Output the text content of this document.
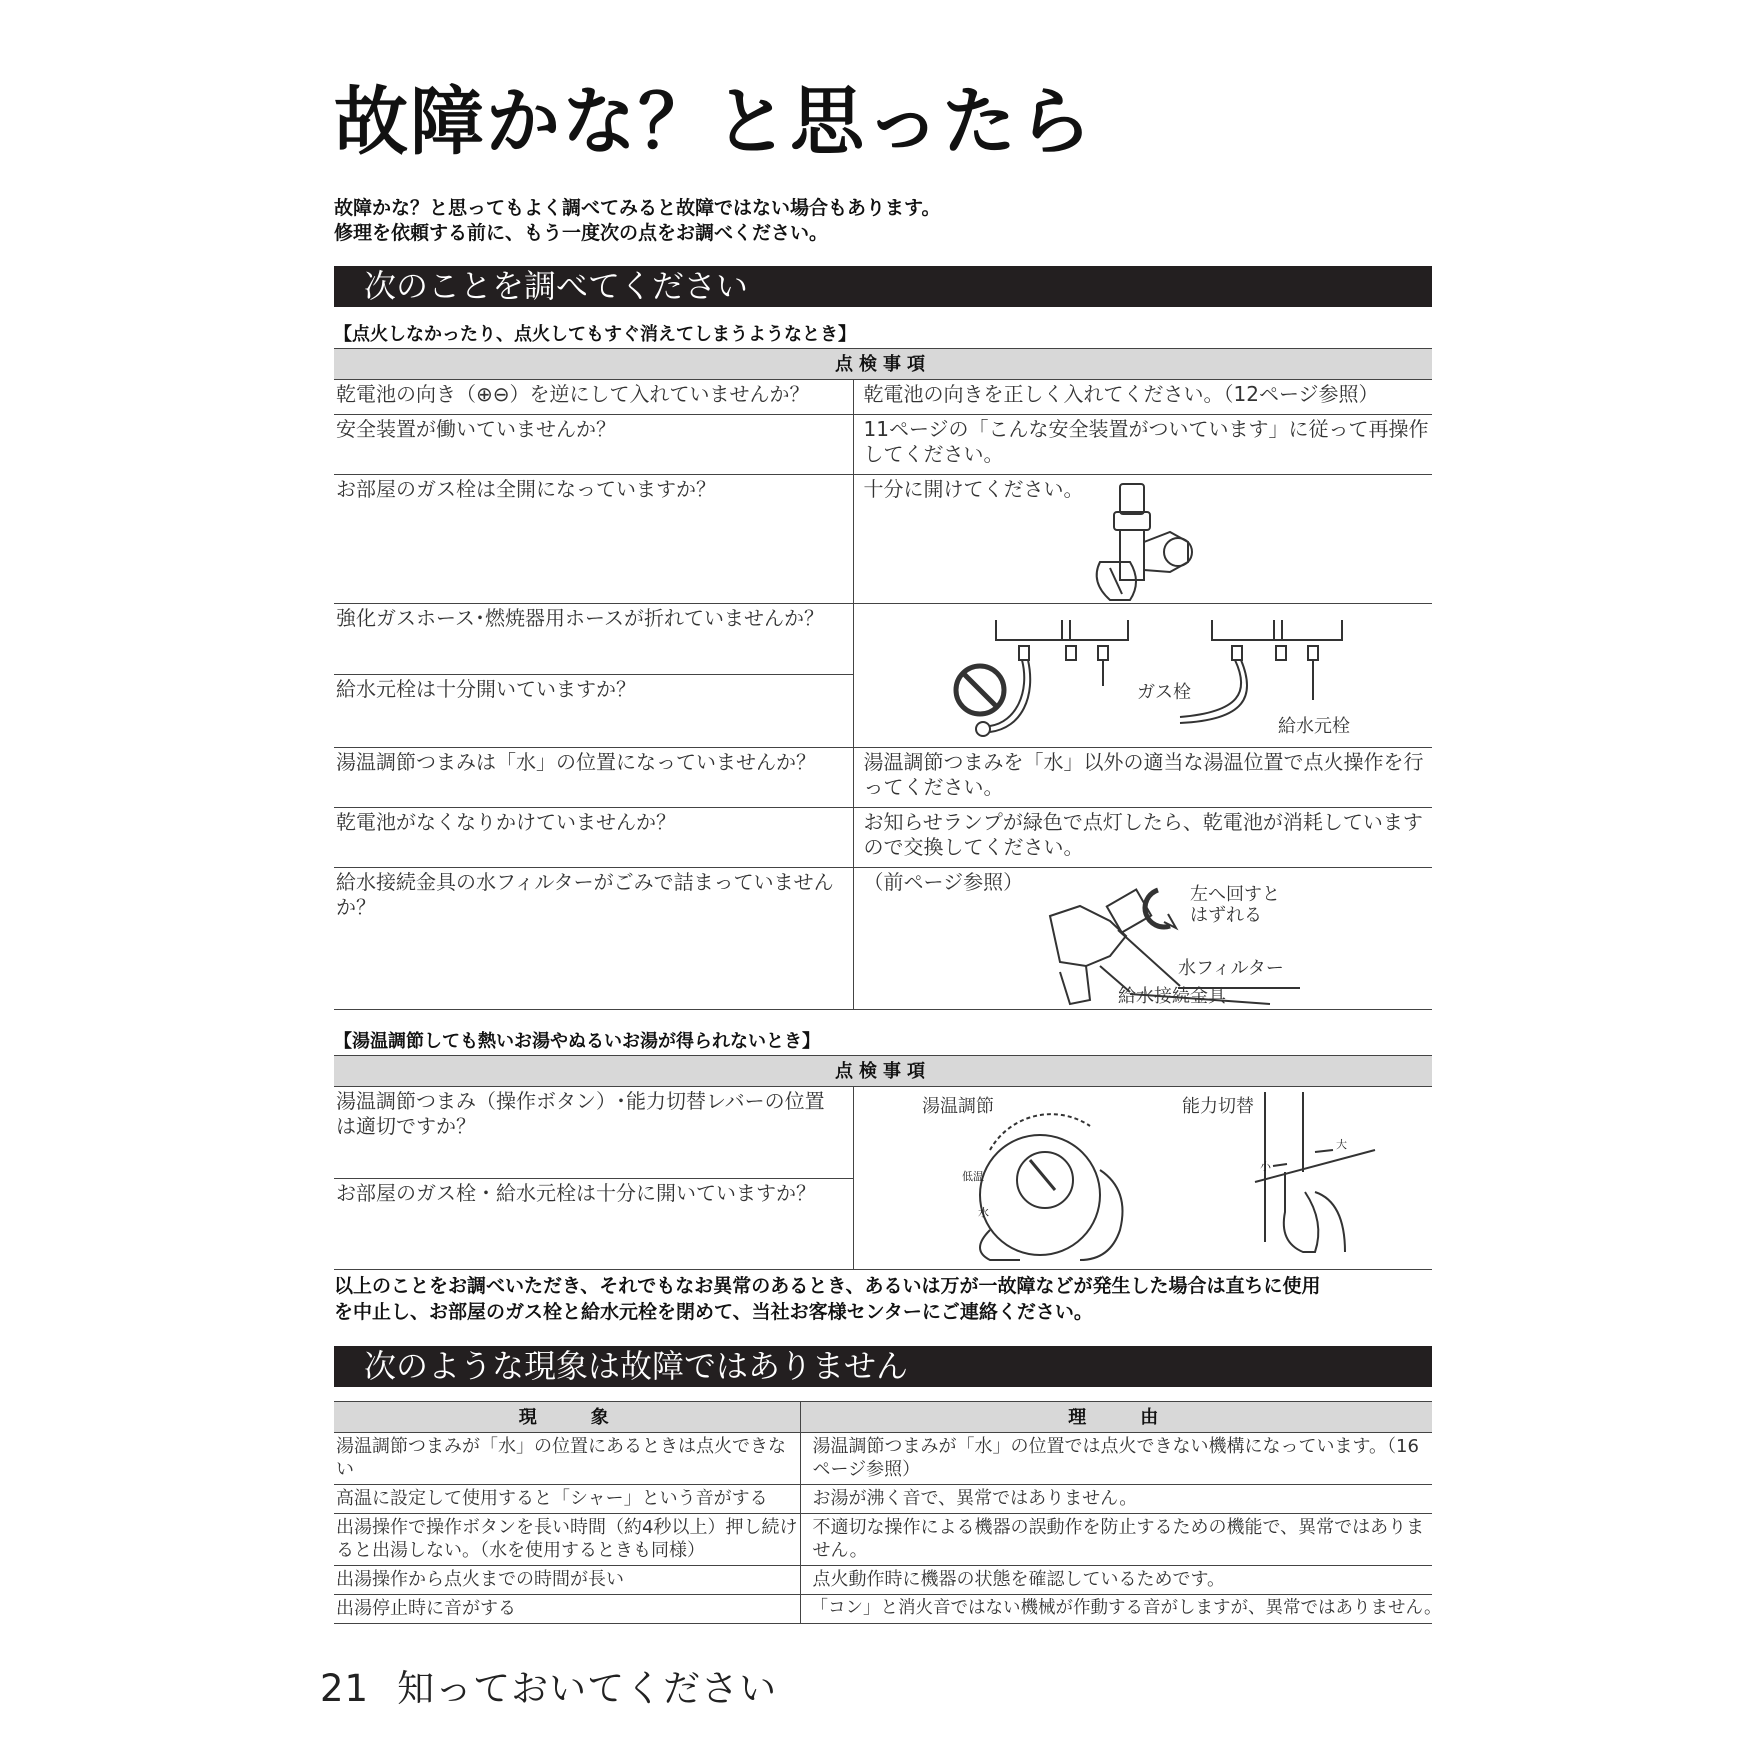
故障かな？と思ったら
故障かな？と思ってもよく調べてみると故障ではない場合もあります。
修理を依頼する前に、もう一度次の点をお調べください。
次のことを調べてください
【点火しなかったり、点火してもすぐ消えてしまうようなとき】
点検事項	
乾電池の向き（⊕⊖）を逆にして入れていませんか？	乾電池の向きを正しく入れてください。（12ページ参照）
安全装置が働いていませんか？	11ページの「こんな安全装置がついています」に従って再操作してください。
お部屋のガス栓は全開になっていますか？	十分に開けてください。
強化ガスホース･燃焼器用ホースが折れていませんか？	
給水元栓は十分開いていますか？	
湯温調節つまみは「水」の位置になっていませんか？	湯温調節つまみを「水」以外の適当な湯温位置で点火操作を行ってください。
乾電池がなくなりかけていませんか？	お知らせランプが緑色で点灯したら、乾電池が消耗していますので交換してください。
給水接続金具の水フィルターがごみで詰まっていませんか？	（前ページ参照）
ガス栓
給水元栓
左へ回すと
はずれる
水フィルター
給水接続金具
【湯温調節しても熱いお湯やぬるいお湯が得られないとき】
点検事項
湯温調節つまみ（操作ボタン）･能力切替レバーの位置は適切ですか？	
お部屋のガス栓・給水元栓は十分に開いていますか？
湯温調節	能力切替
低温
水
小
大
以上のことをお調べいただき、それでもなお異常のあるとき、あるいは万が一故障などが発生した場合は直ちに使用
を中止し、お部屋のガス栓と給水元栓を閉めて、当社お客様センターにご連絡ください。
次のような現象は故障ではありません
現　　象	理　　由
湯温調節つまみが「水」の位置にあるときは点火できない	湯温調節つまみが「水」の位置では点火できない機構になっています。（16ページ参照）
高温に設定して使用すると「シャー」という音がする	お湯が沸く音で、異常ではありません。
出湯操作で操作ボタンを長い時間（約4秒以上）押し続けると出湯しない。（水を使用するときも同様）	不適切な操作による機器の誤動作を防止するための機能で、異常ではありません。
出湯操作から点火までの時間が長い	点火動作時に機器の状態を確認しているためです。
出湯停止時に音がする	「コン」と消火音ではない機械が作動する音がしますが、異常ではありません。
21 知っておいてください
